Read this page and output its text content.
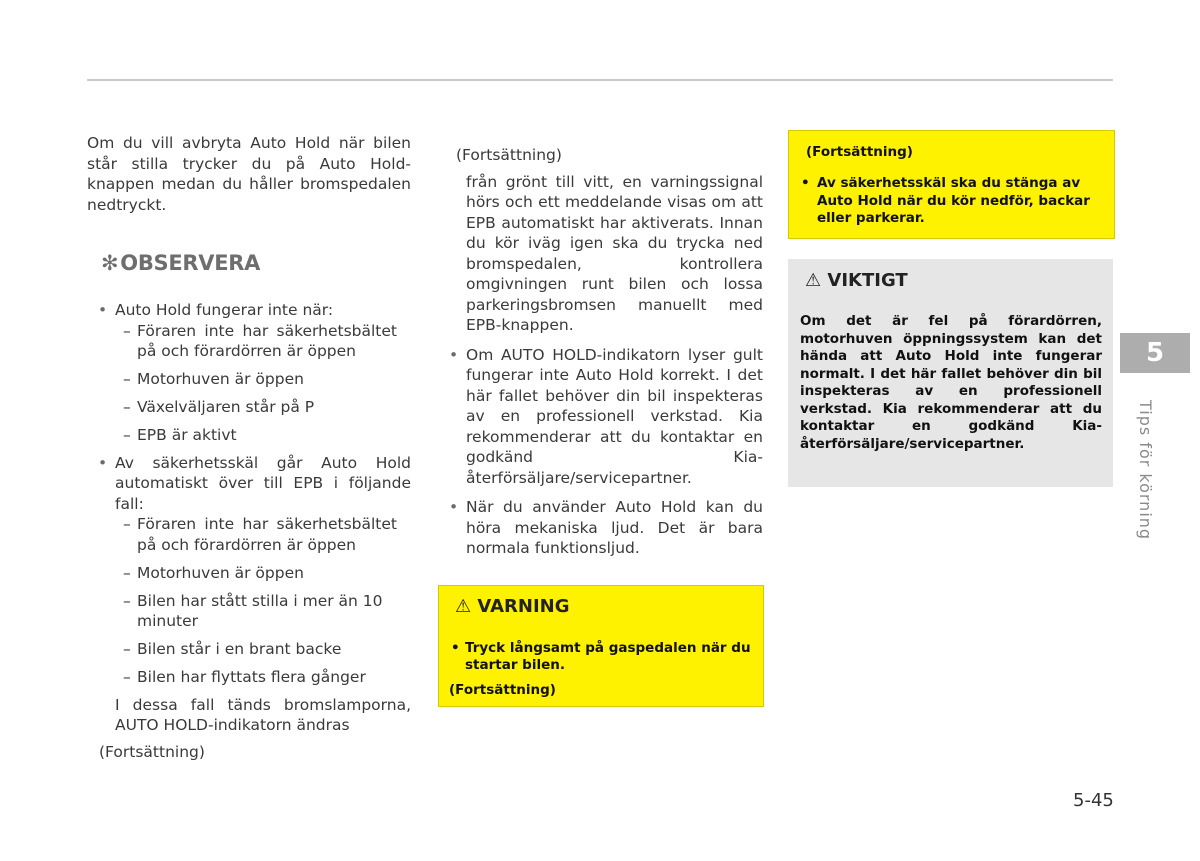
Om du vill avbryta Auto Hold när bilen står stilla trycker du på Auto Hold-knappen medan du håller bromspedalen nedtryckt.

✻OBSERVERA
• Auto Hold fungerar inte när:
– Föraren inte har säkerhetsbältet på och förardörren är öppen
– Motorhuven är öppen
– Växelväljaren står på P
– EPB är aktivt
• Av säkerhetsskäl går Auto Hold automatiskt över till EPB i följande fall:
– Föraren inte har säkerhetsbältet på och förardörren är öppen
– Motorhuven är öppen
– Bilen har stått stilla i mer än 10 minuter
– Bilen står i en brant backe
– Bilen har flyttats flera gånger

I dessa fall tänds bromslamporna, AUTO HOLD-indikatorn ändras

(Fortsättning)
(Fortsättning)

från grönt till vitt, en varningssignal hörs och ett meddelande visas om att EPB automatiskt har aktiverats. Innan du kör iväg igen ska du trycka ned bromspedalen, kontrollera omgivningen runt bilen och lossa parkeringsbromsen manuellt med EPB-knappen.

• Om AUTO HOLD-indikatorn lyser gult fungerar inte Auto Hold korrekt. I det här fallet behöver din bil inspekteras av en professionell verkstad. Kia rekommenderar att du kontaktar en godkänd Kia-återförsäljare/servicepartner.
• När du använder Auto Hold kan du höra mekaniska ljud. Det är bara normala funktionsljud.
⚠ VARNING
• Tryck långsamt på gaspedalen när du startar bilen.
(Fortsättning)
(Fortsättning)
• Av säkerhetsskäl ska du stänga av Auto Hold när du kör nedför, backar eller parkerar.
⚠ VIKTIGT

Om det är fel på förardörren, motorhuven öppningssystem kan det hända att Auto Hold inte fungerar normalt. I det här fallet behöver din bil inspekteras av en professionell verkstad. Kia rekommenderar att du kontaktar en godkänd Kia-återförsäljare/servicepartner.

5
Tips för körning
5-45
